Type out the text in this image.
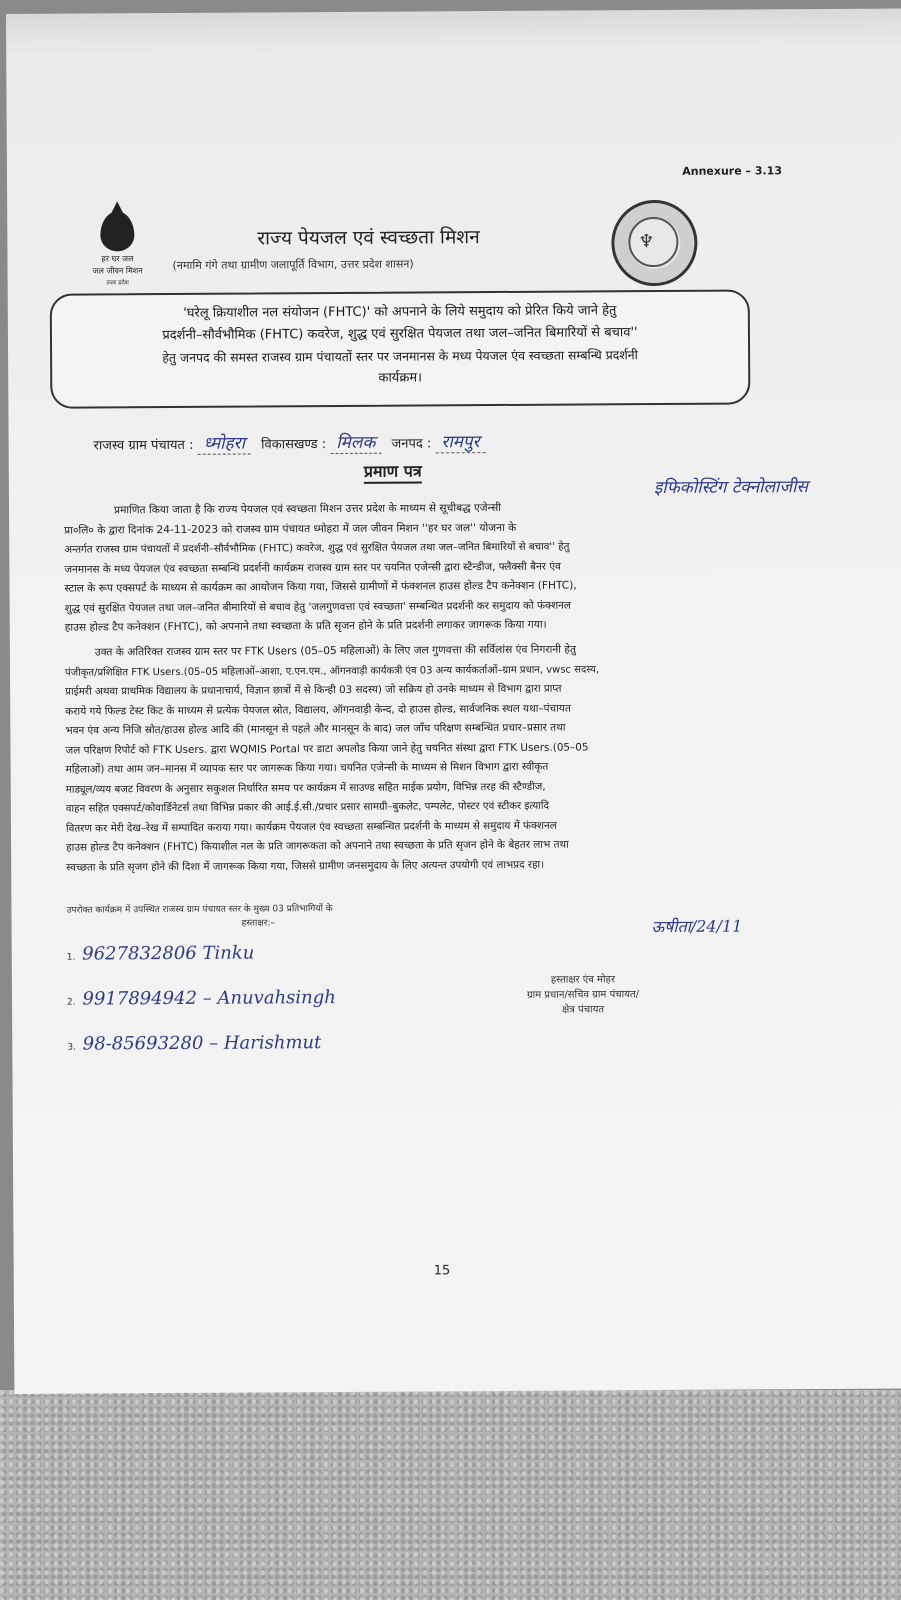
Annexure – 3.13
हर घर जल
जल जीवन मिशन
उत्तर प्रदेश
♆
राज्य पेयजल एवं स्वच्छता मिशन
(नमामि गंगे तथा ग्रामीण जलापूर्ति विभाग, उत्तर प्रदेश शासन)
'घरेलू क्रियाशील नल संयोजन (FHTC)' को अपनाने के लिये समुदाय को प्रेरित किये जाने हेतु
प्रदर्शनी–सौर्वभौमिक (FHTC) कवरेज, शुद्ध एवं सुरक्षित पेयजल तथा जल–जनित बिमारियों से बचाव''
हेतु जनपद की समस्त राजस्व ग्राम पंचायतों स्तर पर जनमानस के मध्य पेयजल एंव स्वच्छता सम्बन्धि प्रदर्शनी
कार्यक्रम।
राजस्व ग्राम पंचायत : ध्मोहरा विकासखण्ड : मिलक जनपद : रामपुर
प्रमाण पत्र
इफिकोस्टिंग टेक्नोलाजीस
प्रमाणित किया जाता है कि राज्य पेयजल एवं स्वच्छता मिशन उत्तर प्रदेश के माध्यम से सूचीबद्ध एजेन्सी
प्रा०लि० के द्वारा दिनांक 24-11-2023 को राजस्व ग्राम पंचायत ध्मोहरा में जल जीवन मिशन ''हर घर जल'' योजना के
अन्तर्गत राजस्व ग्राम पंचायतों में प्रदर्शनी–सौर्वभौमिक (FHTC) कवरेज, शुद्ध एवं सुरक्षित पेयजल तथा जल–जनित बिमारियों से बचाव'' हेतु
जनमानस के मध्य पेयजल एंव स्वच्छता सम्बन्धि प्रदर्शनी कार्यक्रम राजस्व ग्राम स्तर पर चयनित एजेन्सी द्वारा स्टैन्डीज, फ्लैक्सी बैनर एंव
स्टाल के रूप एक्सपर्ट के माध्यम से कार्यक्रम का आयोजन किया गया, जिससे ग्रामीणों में फंक्शनल हाउस होल्ड टैप कनेक्शन (FHTC),
शुद्ध एवं सुरक्षित पेयजल तथा जल–जनित बीमारियों से बचाव हेतु 'जलगुणवत्ता एवं स्वच्छता' सम्बन्धित प्रदर्शनी कर समुदाय को फंक्शनल
हाउस होल्ड टैप कनेक्शन (FHTC), को अपनाने तथा स्वच्छता के प्रति सृजन होने के प्रति प्रदर्शनी लगाकर जागरूक किया गया।
उक्त के अतिरिक्त राजस्व ग्राम स्तर पर FTK Users (05–05 महिलाओं) के लिए जल गुणवत्ता की सर्विलांस एंव निगरानी हेतु
पंजीकृत/प्रशिक्षित FTK Users.(05–05 महिलाओं–आशा, ए.एन.एम., ऑगनवाड़ी कार्यकत्री एंव 03 अन्य कार्यकर्ताओं–ग्राम प्रधान, vwsc सदस्य,
प्राईमरी अथवा प्राथमिक विद्यालय के प्रधानाचार्य, विज्ञान छात्रों में से किन्ही 03 सदस्य) जो सक्रिय हो उनके माध्यम से विभाग द्वारा प्राप्त
कराये गये फिल्ड टेस्ट किट के माध्यम से प्रत्येक पेयजल स्रोत, विद्यालय, ऑगनवाड़ी केन्द, दो हाउस होल्ड, सार्वजनिक स्थल यथा–पंचायत
भवन एंव अन्य निजि स्रोत/हाउस होल्ड आदि की (मानसून से पहले और मानसून के बाद) जल जाँच परिक्षण सम्बन्धित प्रचार–प्रसार तथा
जल परिक्षण रिपोर्ट को FTK Users. द्वारा WQMIS Portal पर डाटा अपलोड किया जाने हेतु चयनित संस्था द्वारा FTK Users.(05–05
महिलाओं) तथा आम जन–मानस में व्यापक स्तर पर जागरूक किया गया। चयनित एजेन्सी के माध्यम से मिशन विभाग द्वारा स्वीकृत
माड्यूल/व्यय बजट विवरण के अनुसार सकुशल निर्धारित समय पर कार्यक्रम में साउण्ड सहित माईक प्रयोग, विभिन्न तरह की स्टैण्डीज,
वाहन सहित एक्सपर्ट/कोवार्डिनेटर्स तथा विभिन्न प्रकार की आई.ई.सी./प्रचार प्रसार सामग्री–बुकलेट, पम्पलेट, पोस्टर एवं स्टीकर इत्यादि
वितरण कर मेरी देख–रेख में सम्पादित कराया गया। कार्यक्रम पेयजल एंव स्वच्छता सम्बन्धित प्रदर्शनी के माध्यम से समुदाय में फंक्शनल
हाउस होल्ड टैप कनेक्शन (FHTC) कियाशील नल के प्रति जागरूकता को अपनाने तथा स्वच्छता के प्रति सृजन होने के बेहतर लाभ तथा
स्वच्छता के प्रति सृजग होने की दिशा में जागरूक किया गया, जिससे ग्रामीण जनसमुदाय के लिए अत्यन्त उपयोगी एवं लाभप्रद रहा।
उपरोक्त कार्यक्रम में उपस्थित राजस्व ग्राम पंचायत स्तर के मुख्य 03 प्रतिभागियों के
हस्ताक्षर:–
1. 9627832806 Tinku
2. 9917894942 – Anuvahsingh
3. 98-85693280 – Harishmut
ऊषीता/24/11
हस्ताक्षर एंव मोहर
ग्राम प्रधान/सचिव ग्राम पंचायत/
क्षेत्र पंचायत
15
